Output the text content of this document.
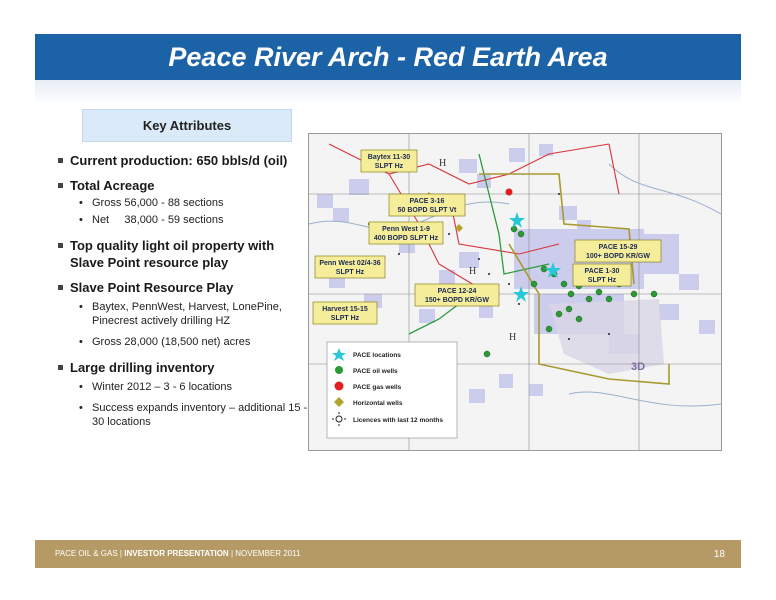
Peace River Arch - Red Earth Area
Key Attributes
Current production: 650 bbls/d (oil)
Total Acreage
• Gross 56,000 - 88 sections
• Net     38,000 - 59 sections
Top quality light oil property with Slave Point resource play
Slave Point Resource Play
• Baytex, PennWest, Harvest, LonePine, Pinecrest actively drilling HZ
• Gross 28,000 (18,500 net) acres
Large drilling inventory
• Winter 2012 – 3 - 6 locations
• Success expands inventory – additional 15 - 30 locations
Baytex 11-30
SLPT Hz
PACE 3-16
50 BOPD SLPT Vt
Penn West 1-9
400 BOPD SLPT Hz
Penn West 02/4-36
SLPT Hz
PACE 15-29
100+ BOPD KR/GW
PACE 1-30
SLPT Hz
PACE 12-24
150+ BOPD KR/GW
Harvest 15-15
SLPT Hz
3D
H
H
H
PACE locations
PACE oil wells
PACE gas wells
Horizontal wells
Licences with last 12 months
PACE OIL & GAS | INVESTOR PRESENTATION | NOVEMBER 2011	18
